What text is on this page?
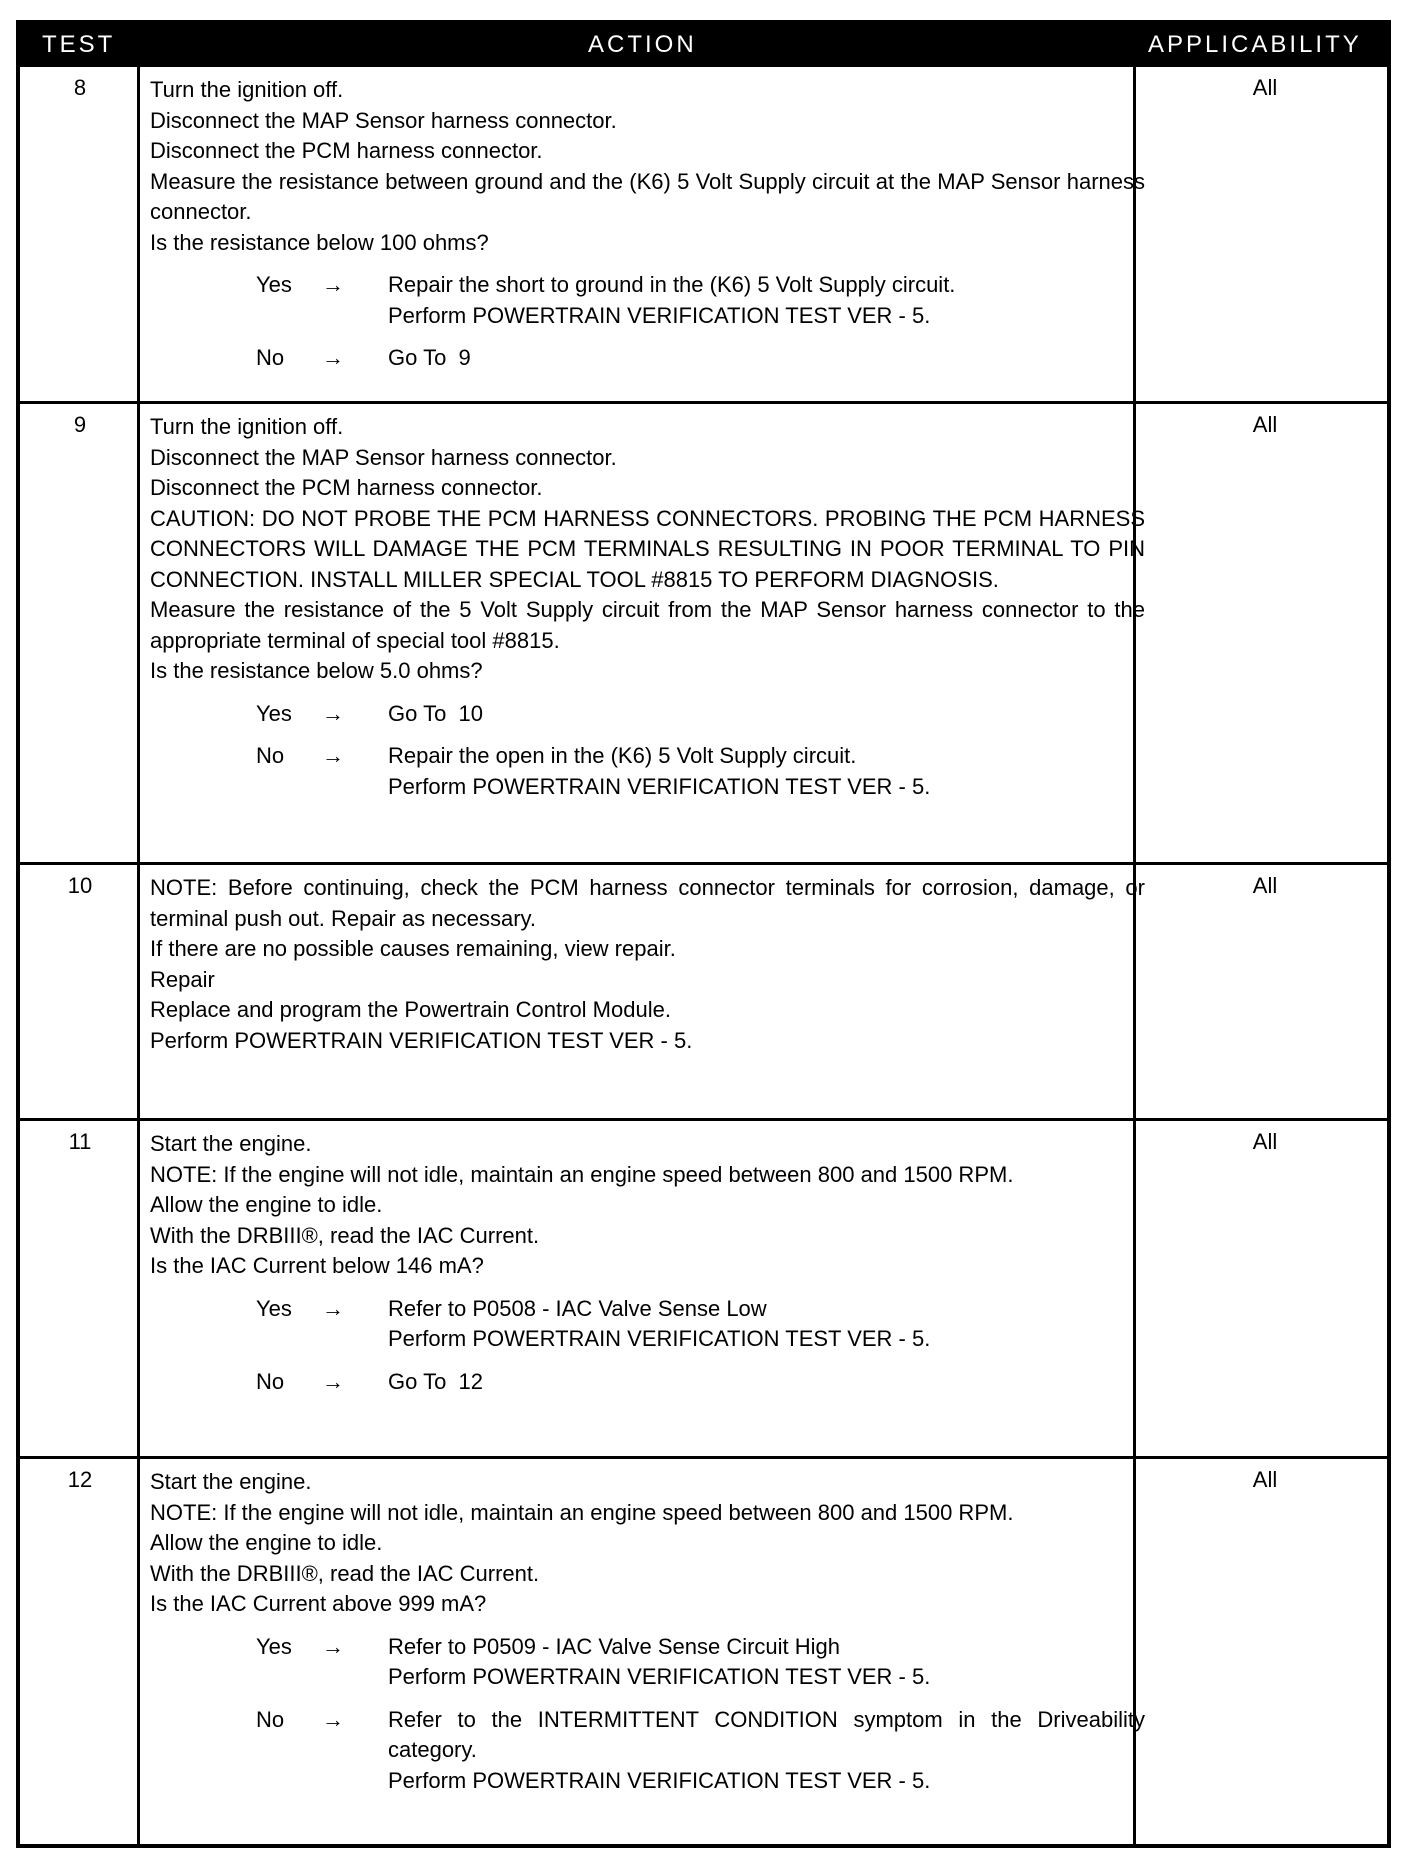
TEST	ACTION	APPLICABILITY
8	Turn the ignition off.

Disconnect the MAP Sensor harness connector.

Disconnect the PCM harness connector.

Measure the resistance between ground and the (K6) 5 Volt Supply circuit at the MAP Sensor harness connector.

Is the resistance below 100 ohms?

Yes → Repair the short to ground in the (K6) 5 Volt Supply circuit.

Perform POWERTRAIN VERIFICATION TEST VER - 5.

No → Go To  9

All
9	Turn the ignition off.

Disconnect the MAP Sensor harness connector.

Disconnect the PCM harness connector.

CAUTION: DO NOT PROBE THE PCM HARNESS CONNECTORS. PROBING THE PCM HARNESS CONNECTORS WILL DAMAGE THE PCM TERMINALS RESULTING IN POOR TERMINAL TO PIN CONNECTION. INSTALL MILLER SPECIAL TOOL #8815 TO PERFORM DIAGNOSIS.

Measure the resistance of the 5 Volt Supply circuit from the MAP Sensor harness connector to the appropriate terminal of special tool #8815.

Is the resistance below 5.0 ohms?

Yes → Go To  10

No → Repair the open in the (K6) 5 Volt Supply circuit.

Perform POWERTRAIN VERIFICATION TEST VER - 5.

All
10	NOTE: Before continuing, check the PCM harness connector terminals for corrosion, damage, or terminal push out. Repair as necessary.

If there are no possible causes remaining, view repair.

Repair

Replace and program the Powertrain Control Module.

Perform POWERTRAIN VERIFICATION TEST VER - 5.

All
11	Start the engine.

NOTE: If the engine will not idle, maintain an engine speed between 800 and 1500 RPM.

Allow the engine to idle.

With the DRBIII®, read the IAC Current.

Is the IAC Current below 146 mA?

Yes → Refer to P0508 - IAC Valve Sense Low

Perform POWERTRAIN VERIFICATION TEST VER - 5.

No → Go To  12

All
12	Start the engine.

NOTE: If the engine will not idle, maintain an engine speed between 800 and 1500 RPM.

Allow the engine to idle.

With the DRBIII®, read the IAC Current.

Is the IAC Current above 999 mA?

Yes → Refer to P0509 - IAC Valve Sense Circuit High

Perform POWERTRAIN VERIFICATION TEST VER - 5.

No → Refer to the INTERMITTENT CONDITION symptom in the Driveability category.

Perform POWERTRAIN VERIFICATION TEST VER - 5.

All
